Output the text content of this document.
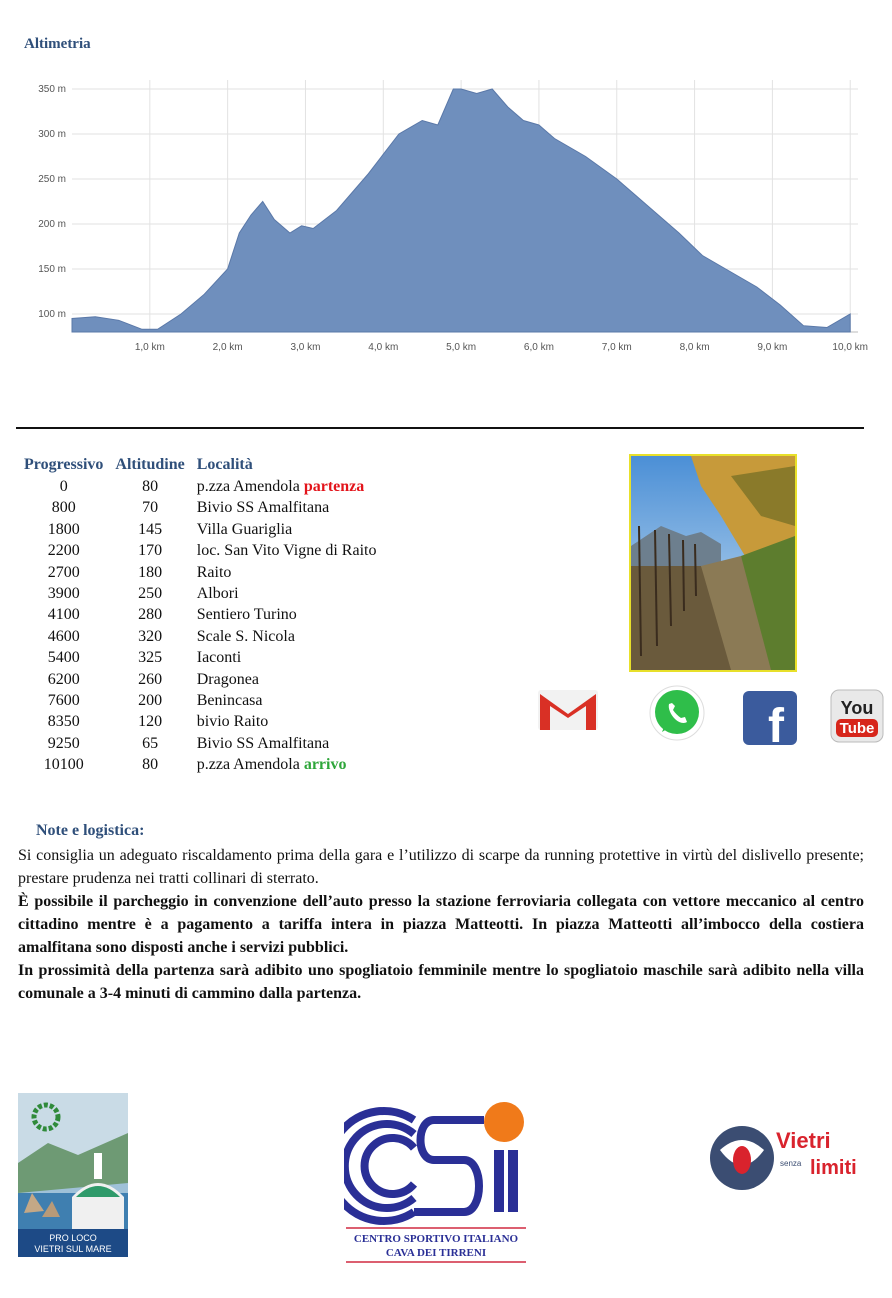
Altimetria
100 m
150 m
200 m
250 m
300 m
350 m
1,0 km	2,0 km	3,0 km	4,0 km	5,0 km	6,0 km	7,0 km	8,0 km	9,0 km	10,0 km
Progressivo	Altitudine	Località
0	80	p.zza Amendola partenza
800	70	Bivio SS Amalfitana
1800	145	Villa Guariglia
2200	170	loc. San Vito Vigne di Raito
2700	180	Raito
3900	250	Albori
4100	280	Sentiero Turino
4600	320	Scale S. Nicola
5400	325	Iaconti
6200	260	Dragonea
7600	200	Benincasa
8350	120	bivio Raito
9250	65	Bivio SS Amalfitana
10100	80	p.zza Amendola arrivo
f	You
Tube
Note e logistica:

Si consiglia un adeguato riscaldamento prima della gara e l’utilizzo di scarpe da running protettive in virtù del dislivello presente; prestare prudenza nei tratti collinari di sterrato.

È possibile il parcheggio in convenzione dell’auto presso la stazione ferroviaria collegata con vettore meccanico al centro cittadino mentre è a pagamento a tariffa intera in piazza Matteotti. In piazza Matteotti all’imbocco della costiera amalfitana sono disposti anche i servizi pubblici.

In prossimità della partenza sarà adibito uno spogliatoio femminile mentre lo spogliatoio maschile sarà adibito nella villa comunale a 3-4 minuti di cammino dalla partenza.

PRO LOCO
VIETRI SUL MARE
CENTRO SPORTIVO ITALIANO
CAVA DEI TIRRENI
Vietri
senza limiti
